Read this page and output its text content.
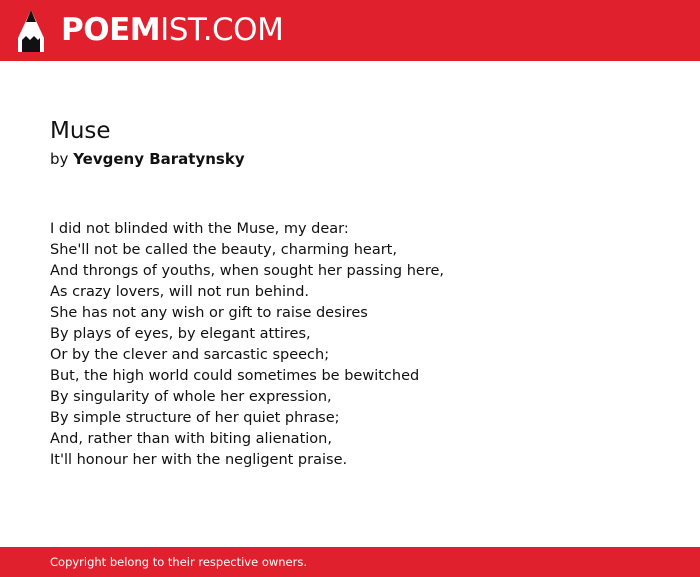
POEMIST.COM
Muse
by Yevgeny Baratynsky
I did not blinded with the Muse, my dear:
She'll not be called the beauty, charming heart,
And throngs of youths, when sought her passing here,
As crazy lovers, will not run behind.
She has not any wish or gift to raise desires
By plays of eyes, by elegant attires,
Or by the clever and sarcastic speech;
But, the high world could sometimes be bewitched
By singularity of whole her expression,
By simple structure of her quiet phrase;
And, rather than with biting alienation,
It'll honour her with the negligent praise.
Copyright belong to their respective owners.
